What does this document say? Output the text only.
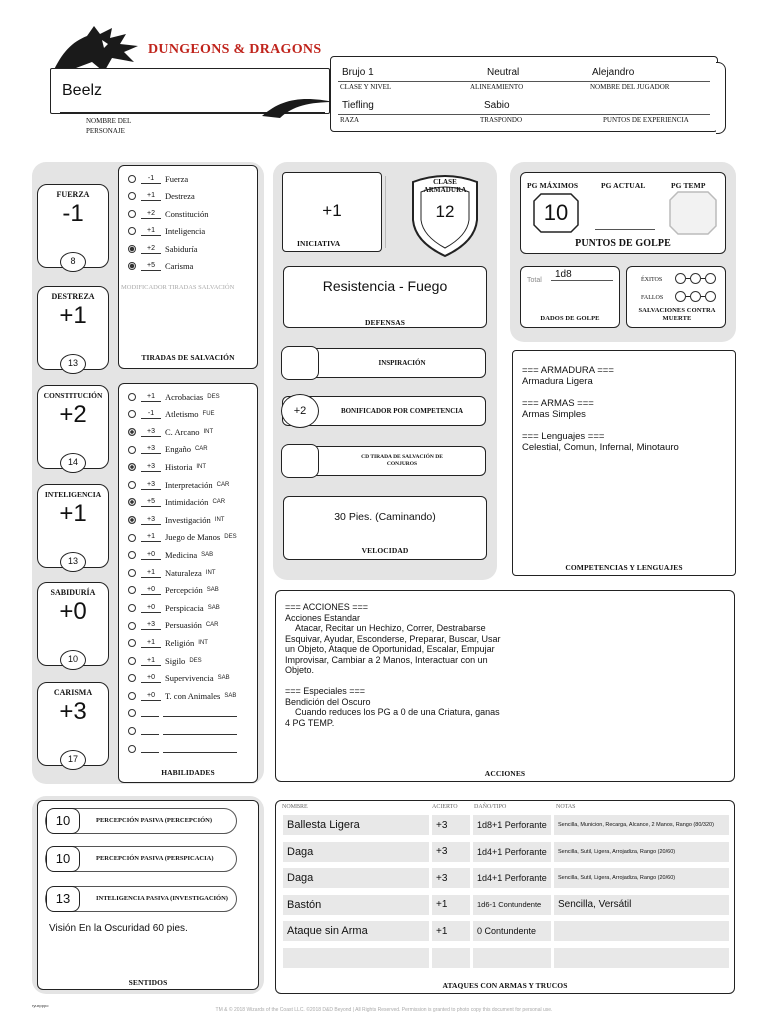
DUNGEONS & DRAGONS
Beelz
NOMBRE DEL PERSONAJE
Brujo 1
CLASE Y NIVEL
Neutral
ALINEAMIENTO
Alejandro
NOMBRE DEL JUGADOR
Tiefling
RAZA
Sabio
TRASPONDO	PUNTOS DE EXPERIENCIA
FUERZA
-1
8
DESTREZA
+1
13
CONSTITUCIÓN
+2
14
INTELIGENCIA
+1
13
SABIDURÍA
+0
10
CARISMA
+3
17
-1	Fuerza
+1	Destreza
+2	Constitución
+1	Inteligencia
+2	Sabiduría
+5	Carisma
MODIFICADOR TIRADAS SALVACIÓN
TIRADAS DE SALVACIÓN
+1	Acrobacias DES
-1	Atletismo FUE
+3	C. Arcano INT
+3	Engaño CAR
+3	Historia INT
+3	Interpretación CAR
+5	Intimidación CAR
+3	Investigación INT
+1	Juego de Manos DES
+0	Medicina SAB
+1	Naturaleza INT
+0	Percepción SAB
+0	Perspicacia SAB
+3	Persuasión CAR
+1	Religión INT
+1	Sigilo DES
+0	Supervivencia SAB
+0	T. con Animales SAB
HABILIDADES
+1
INICIATIVA
CLASE ARMADURA
12
Resistencia - Fuego
DEFENSAS
INSPIRACIÓN
+2	BONIFICADOR POR COMPETENCIA
CD TIRADA DE SALVACIÓN DE CONJUROS
30 Pies. (Caminando)
VELOCIDAD
PG MÁXIMOS	PG ACTUAL	PG TEMP
10
PUNTOS DE GOLPE
Total
1d8
DADOS DE GOLPE
ÉXITOS
FALLOS
SALVACIONES CONTRA MUERTE
=== ARMADURA ===
Armadura Ligera

=== ARMAS ===
Armas Simples

=== Lenguajes ===
Celestial, Comun, Infernal, Minotauro
COMPETENCIAS Y LENGUAJES
=== ACCIONES ===
Acciones Estandar
Atacar, Recitar un Hechizo, Correr, Destrabarse
Esquivar, Ayudar, Esconderse, Preparar, Buscar, Usar
un Objeto, Ataque de Oportunidad, Escalar, Empujar
Improvisar, Cambiar a 2 Manos, Interactuar con un
Objeto.

=== Especiales ===
Bendición del Oscuro
Cuando reduces los PG a 0 de una Criatura, ganas
4 PG TEMP.
ACCIONES
SENTIDOS
10	PERCEPCIÓN PASIVA (PERCEPCIÓN)
10	PERCEPCIÓN PASIVA (PERSPICACIA)
13	INTELIGENCIA PASIVA (INVESTIGACIÓN)
Visión En la Oscuridad 60 pies.
NOMBRE	ACIERTO	DAÑO/TIPO	NOTAS
Ballesta Ligera	+3	1d8+1 Perforante	Sencilla, Municion, Recarga, Alcance, 2 Manos, Rango (80/320)
Daga	+3	1d4+1 Perforante	Sencilla, Sutil, Ligera, Arrojadiza, Rango (20/60)
Daga	+3	1d4+1 Perforante	Sencilla, Sutil, Ligera, Arrojadiza, Rango (20/60)
Bastón	+1	1d6-1 Contundente	Sencilla, Versátil
Ataque sin Arma	+1	0 Contundente
ATAQUES CON ARMAS Y TRUCOS
ryuxpppo
TM & © 2018 Wizards of the Coast LLC. ©2018 D&D Beyond | All Rights Reserved. Permission is granted to photo copy this document for personal use.
